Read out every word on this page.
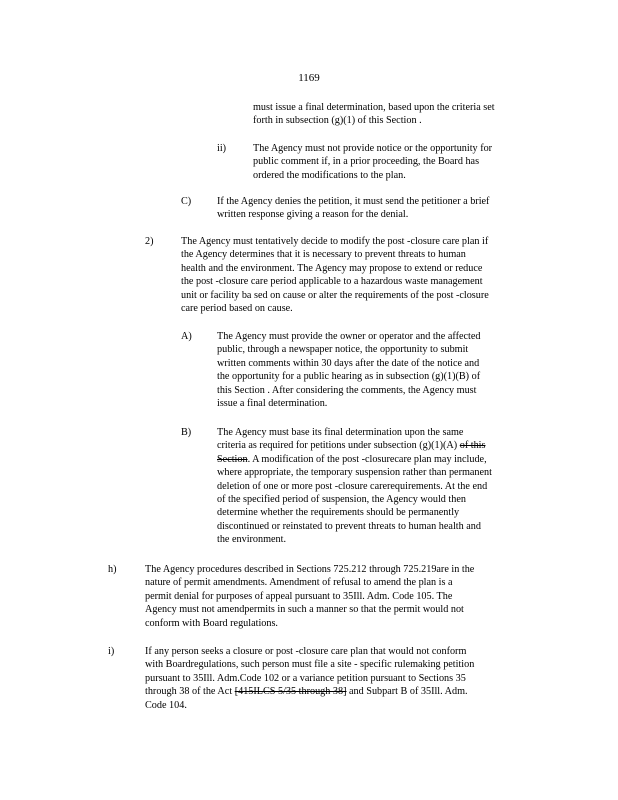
1169
must issue a final determination, based upon the criteria set
forth in subsection (g)(1) of this Section .
ii)	The Agency must not provide notice or the opportunity for
public comment if, in a prior proceeding, the Board has
ordered the modifications to the plan.
C)	If the Agency denies the petition, it must send the petitioner a brief
written response giving a reason for the denial.
2)	The Agency must tentatively decide to modify the post -closure care plan if
the Agency determines that it is necessary to prevent threats to human
health and the environment. The Agency may propose to extend or reduce
the post -closure care period applicable to a hazardous waste management
unit or facility ba sed on cause or alter the requirements of the post -closure
care period based on cause.
A) The Agency must provide the owner or operator and the affected
public, through a newspaper notice, the opportunity to submit
written comments within 30 days after the date of the notice and
the opportunity for a public hearing as in subsection (g)(1)(B) of
this Section . After considering the comments, the Agency must
issue a final determination.
B)	The Agency must base its final determination upon the same
criteria as required for petitions under subsection (g)(1)(A) of this
Section. A modification of the post -closurecare plan may include,
where appropriate, the temporary suspension rather than permanent
deletion of one or more post -closure carerequirements. At the end
of the specified period of suspension, the Agency would then
determine whether the requirements should be permanently
discontinued or reinstated to prevent threats to human health and
the environment.
h)	The Agency procedures described in Sections 725.212 through 725.219are in the
nature of permit amendments. Amendment of refusal to amend the plan is a
permit denial for purposes of appeal pursuant to 35Ill. Adm. Code 105. The
Agency must not amendpermits in such a manner so that the permit would not
conform with Board regulations.
i)	If any person seeks a closure or post -closure care plan that would not conform
with Boardregulations, such person must file a site - specific rulemaking petition
pursuant to 35Ill. Adm.Code 102 or a variance petition pursuant to Sections 35
through 38 of the Act [415ILCS 5/35 through 38] and Subpart B of 35Ill. Adm.
Code 104.
